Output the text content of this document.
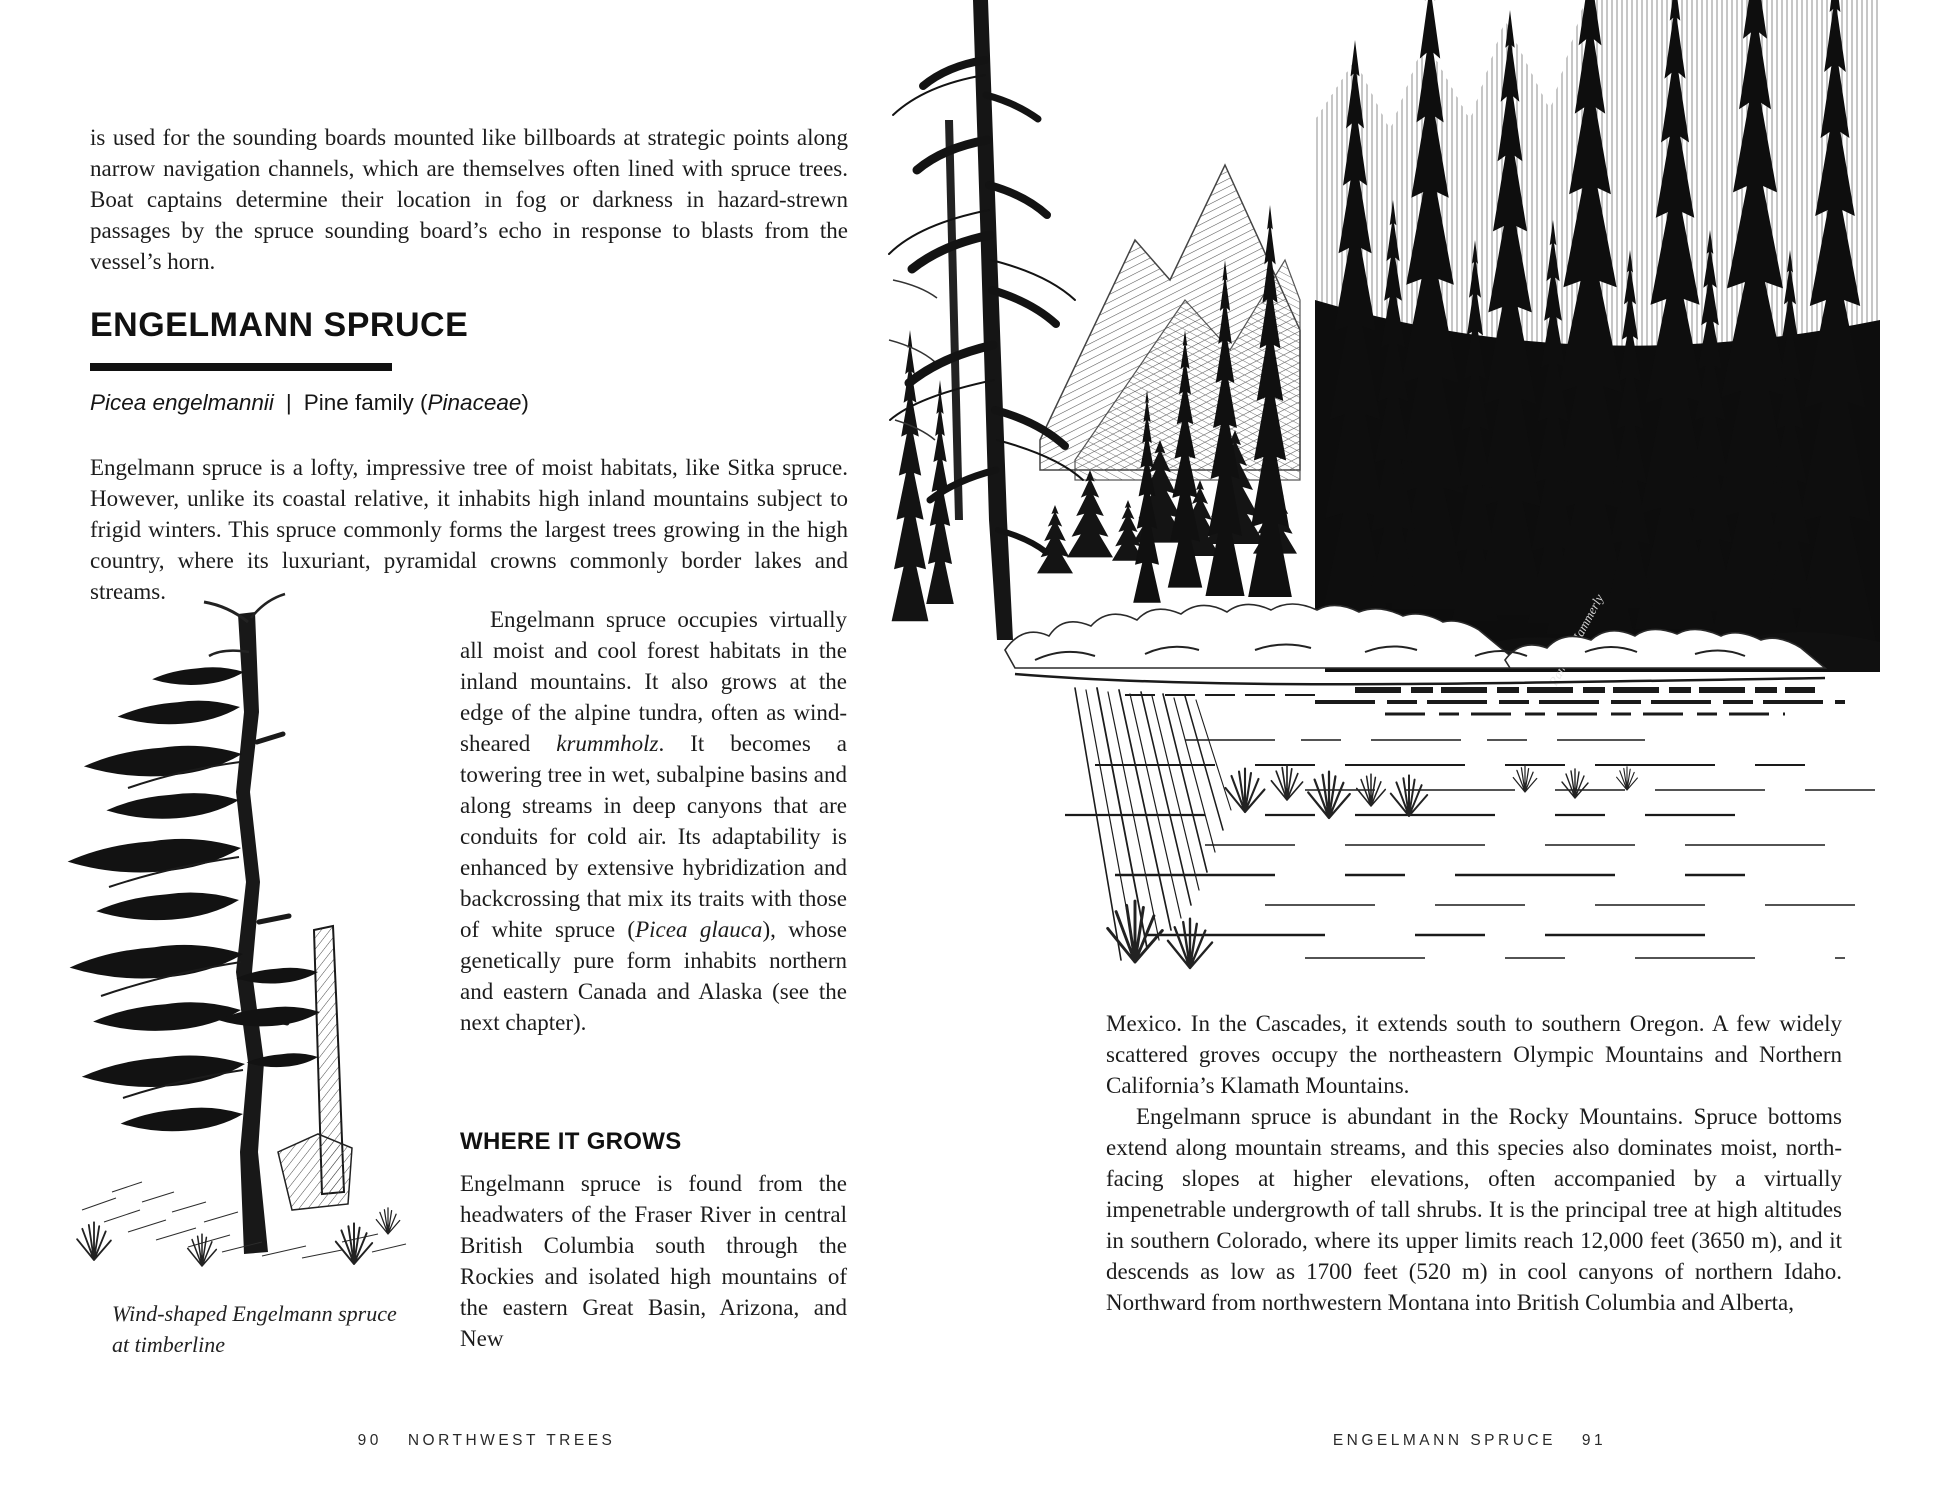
is used for the sounding boards mounted like billboards at strategic points along narrow navigation channels, which are themselves often lined with spruce trees. Boat captains determine their location in fog or darkness in hazard-strewn passages by the spruce sounding board’s echo in response to blasts from the vessel’s horn.
ENGELMANN SPRUCE
Picea engelmannii | Pine family (Pinaceae)
Engelmann spruce is a lofty, impressive tree of moist habitats, like Sitka spruce. However, unlike its coastal relative, it inhabits high inland mountains subject to frigid winters. This spruce commonly forms the largest trees growing in the high country, where its luxuriant, pyramidal crowns commonly border lakes and streams.
Engelmann spruce occupies virtually all moist and cool forest habitats in the inland mountains. It also grows at the edge of the alpine tundra, often as wind-sheared krummholz. It becomes a towering tree in wet, subalpine basins and along streams in deep canyons that are conduits for cold air. Its adaptability is enhanced by extensive hybridization and backcrossing that mix its traits with those of white spruce (Picea glauca), whose genetically pure form inhabits northern and eastern Canada and Alaska (see the next chapter).
WHERE IT GROWS
Engelmann spruce is found from the headwaters of the Fraser River in central British Columbia south through the Rockies and isolated high mountains of the eastern Great Basin, Arizona, and New
Wind-shaped Engelmann spruce
at timberline
90 NORTHWEST TREES
Mexico. In the Cascades, it extends south to southern Oregon. A few widely scattered groves occupy the northeastern Olympic Mountains and Northern California’s Klamath Mountains.
Engelmann spruce is abundant in the Rocky Mountains. Spruce bottoms extend along mountain streams, and this species also dominates moist, north-facing slopes at higher elevations, often accompanied by a virtually impenetrable undergrowth of tall shrubs. It is the principal tree at high altitudes in southern Colorado, where its upper limits reach 12,000 feet (3650 m), and it descends as low as 1700 feet (520 m) in cool canyons of northern Idaho. Northward from northwestern Montana into British Columbia and Alberta,
ENGELMANN SPRUCE 91
